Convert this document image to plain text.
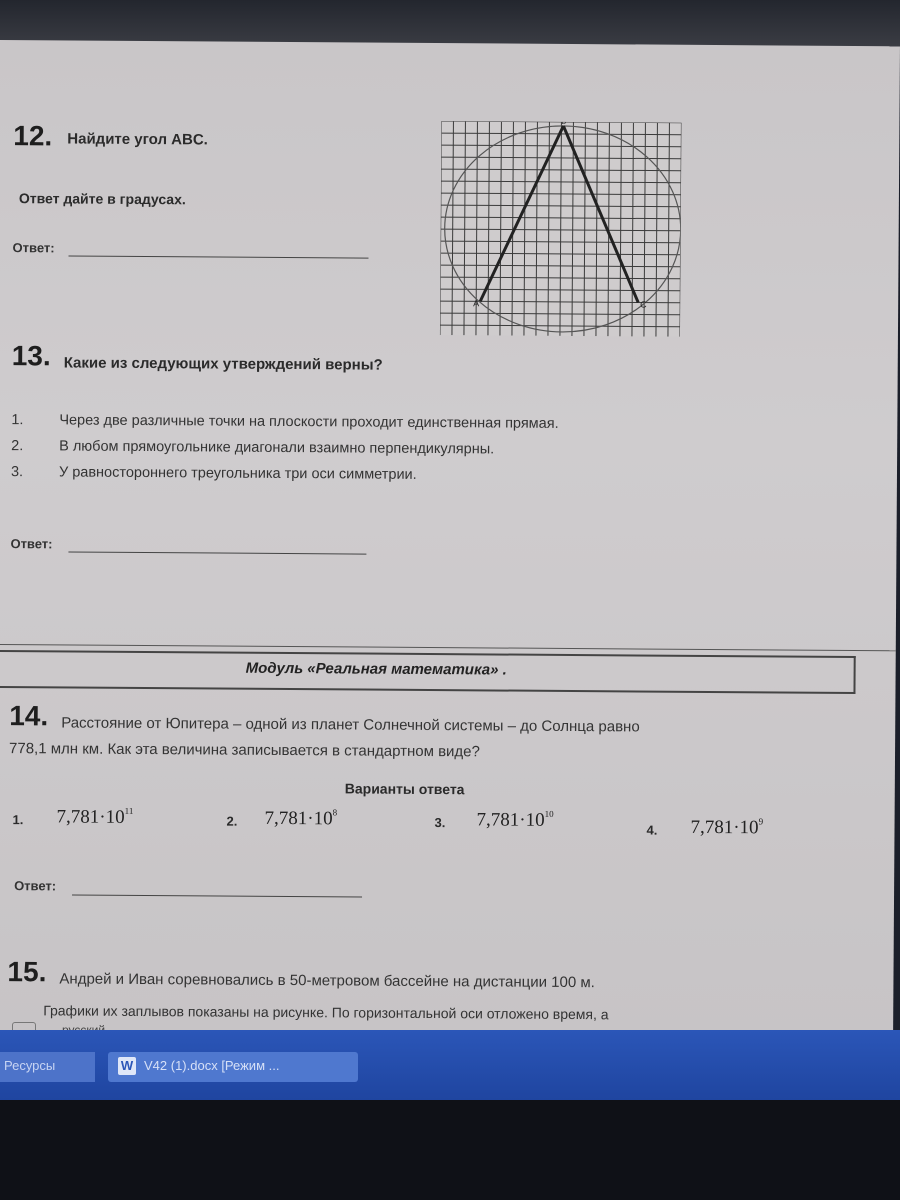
12. Найдите угол ABC.
Ответ дайте в градусах.
Ответ:
A
B
C
13. Какие из следующих утверждений верны?
1. Через две различные точки на плоскости проходит единственная прямая.
2. В любом прямоугольнике диагонали взаимно перпендикулярны.
3. У равностороннего треугольника три оси симметрии.
Ответ:
Модуль «Реальная математика» .
14. Расстояние от Юпитера – одной из планет Солнечной системы – до Солнца равно
778,1 млн км. Как эта величина записывается в стандартном виде?
Варианты ответа
1. $7,781\cdot 10^{11}$
2. $7,781\cdot 10^8$
3. $7,781\cdot 10^{10}$
4. $7,781\cdot 10^9$
Ответ:
15. Андрей и Иван соревновались в 50-метровом бассейне на дистанции 100 м.
Графики их заплывов показаны на рисунке. По горизонтальной оси отложено время, а
Ресурсы	W V42 (1).docx [Режим ...
